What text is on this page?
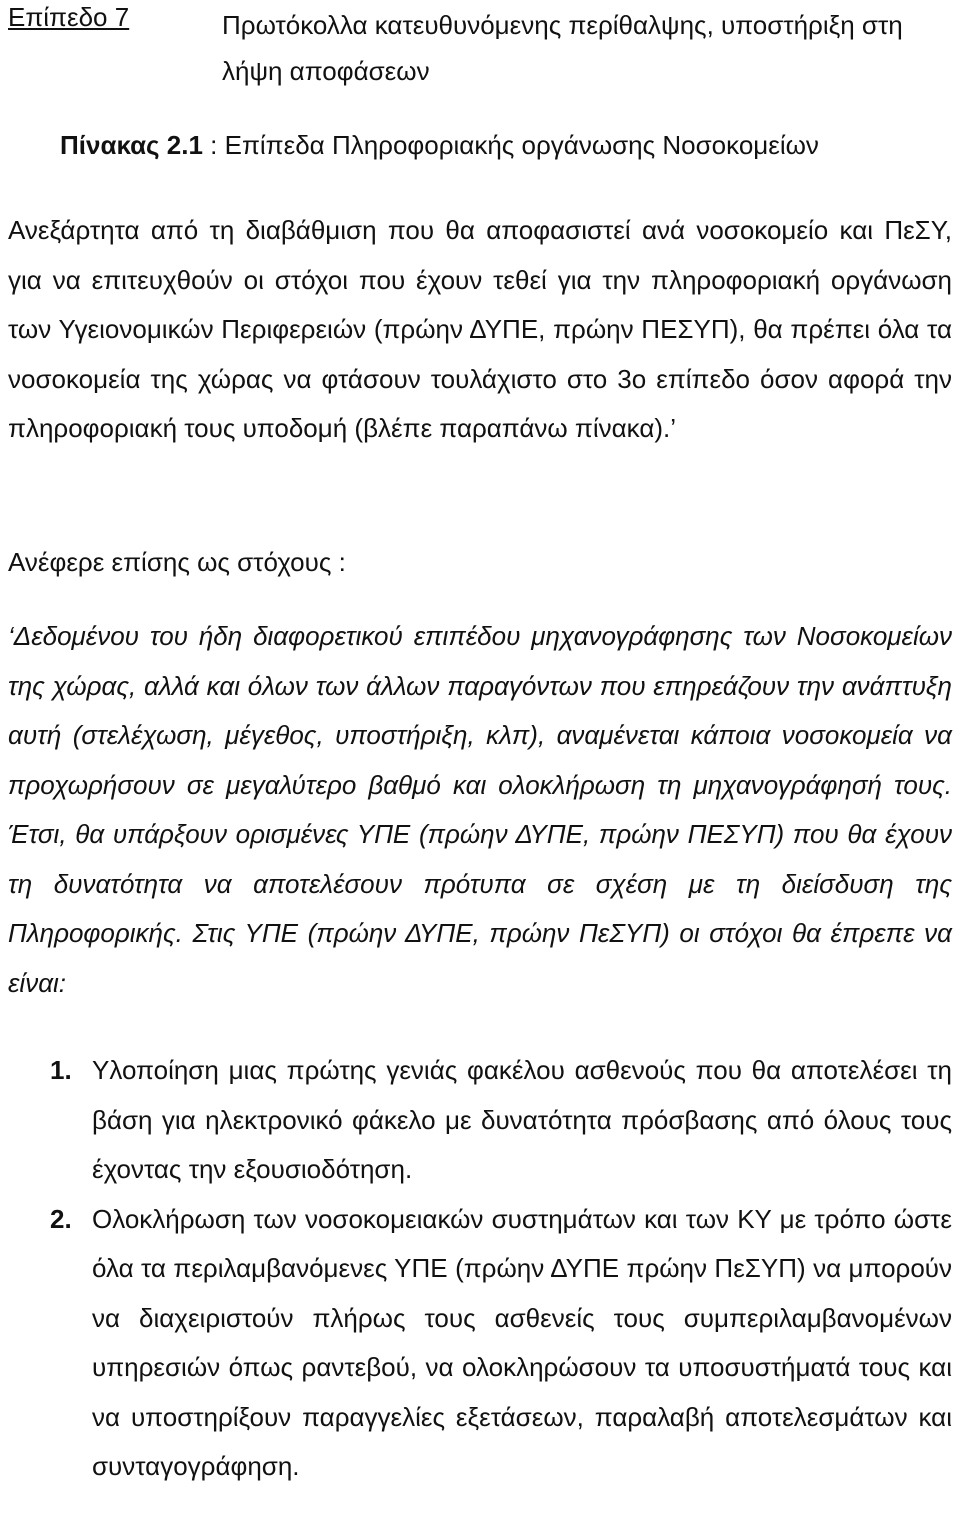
Επίπεδο 7	Πρωτόκολλα κατευθυνόμενης περίθαλψης, υποστήριξη στη λήψη αποφάσεων
Πίνακας 2.1 : Επίπεδα Πληροφοριακής οργάνωσης Νοσοκομείων

Ανεξάρτητα από τη διαβάθμιση που θα αποφασιστεί ανά νοσοκομείο και ΠεΣΥ, για να επιτευχθούν οι στόχοι που έχουν τεθεί για την πληροφοριακή οργάνωση των Υγειονομικών Περιφερειών (πρώην ΔΥΠΕ, πρώην ΠΕΣΥΠ), θα πρέπει όλα τα νοσοκομεία της χώρας να φτάσουν τουλάχιστο στο 3ο επίπεδο όσον αφορά την πληροφοριακή τους υποδομή (βλέπε παραπάνω πίνακα).’

Ανέφερε επίσης ως στόχους :

‘Δεδομένου του ήδη διαφορετικού επιπέδου μηχανογράφησης των Νοσοκομείων της χώρας, αλλά και όλων των άλλων παραγόντων που επηρεάζουν την ανάπτυξη αυτή (στελέχωση, μέγεθος, υποστήριξη, κλπ), αναμένεται κάποια νοσοκομεία να προχωρήσουν σε μεγαλύτερο βαθμό και ολοκλήρωση τη μηχανογράφησή τους. Έτσι, θα υπάρξουν ορισμένες ΥΠΕ (πρώην ΔΥΠΕ, πρώην ΠΕΣΥΠ) που θα έχουν τη δυνατότητα να αποτελέσουν πρότυπα σε σχέση με τη διείσδυση της Πληροφορικής. Στις ΥΠΕ (πρώην ΔΥΠΕ, πρώην ΠεΣΥΠ) οι στόχοι θα έπρεπε να είναι:

1. Υλοποίηση μιας πρώτης γενιάς φακέλου ασθενούς που θα αποτελέσει τη βάση για ηλεκτρονικό φάκελο με δυνατότητα πρόσβασης από όλους τους έχοντας την εξουσιοδότηση.
2. Ολοκλήρωση των νοσοκομειακών συστημάτων και των ΚΥ με τρόπο ώστε όλα τα περιλαμβανόμενες ΥΠΕ (πρώην ΔΥΠΕ πρώην ΠεΣΥΠ) να μπορούν να διαχειριστούν πλήρως τους ασθενείς τους συμπεριλαμβανομένων υπηρεσιών όπως ραντεβού, να ολοκληρώσουν τα υποσυστήματά τους και να υποστηρίξουν παραγγελίες εξετάσεων, παραλαβή αποτελεσμάτων και συνταγογράφηση.
